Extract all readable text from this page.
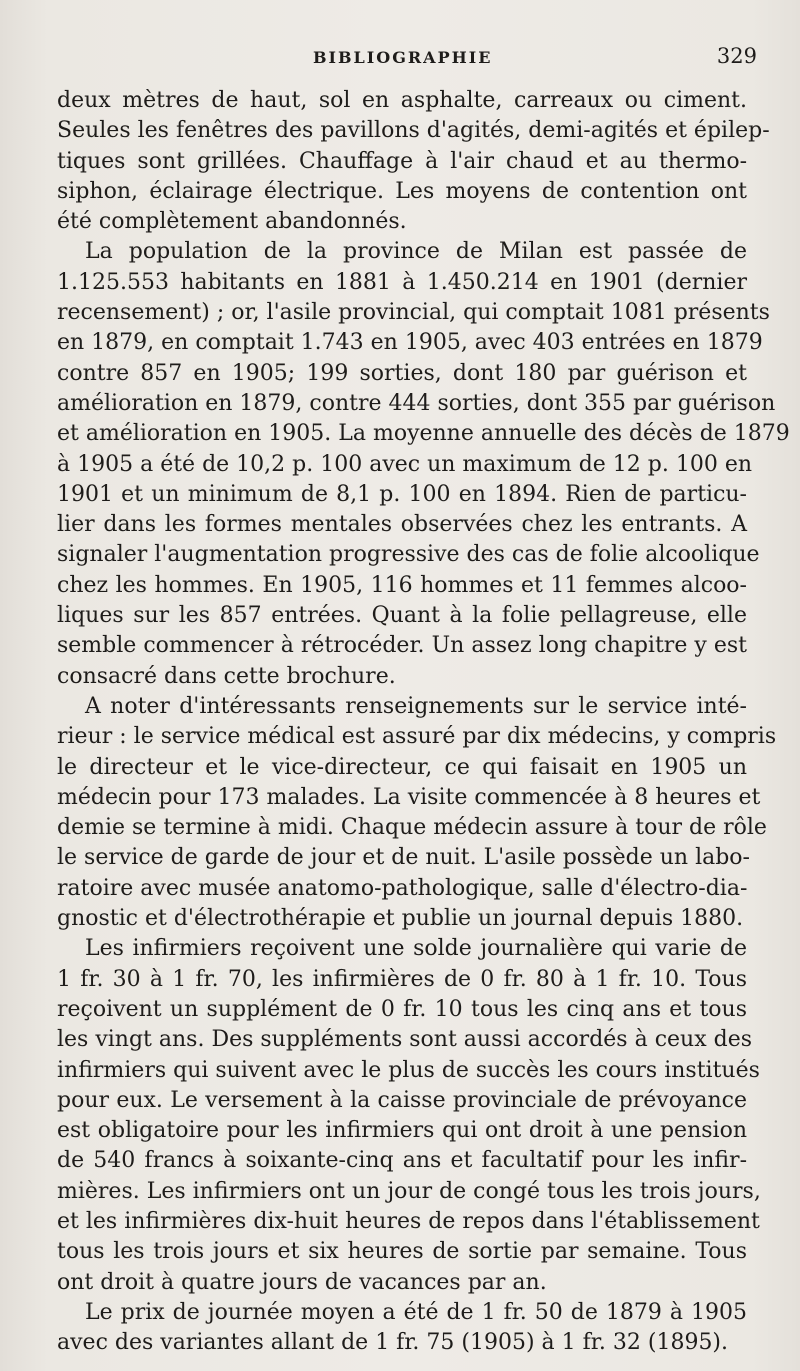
BIBLIOGRAPHIE	329
deux mètres de haut, sol en asphalte, carreaux ou ciment.
Seules les fenêtres des pavillons d'agités, demi-agités et épilep-
tiques sont grillées. Chauffage à l'air chaud et au thermo-
siphon, éclairage électrique. Les moyens de contention ont
été complètement abandonnés.
La population de la province de Milan est passée de
1.125.553 habitants en 1881 à 1.450.214 en 1901 (dernier
recensement) ; or, l'asile provincial, qui comptait 1081 présents
en 1879, en comptait 1.743 en 1905, avec 403 entrées en 1879
contre 857 en 1905; 199 sorties, dont 180 par guérison et
amélioration en 1879, contre 444 sorties, dont 355 par guérison
et amélioration en 1905. La moyenne annuelle des décès de 1879
à 1905 a été de 10,2 p. 100 avec un maximum de 12 p. 100 en
1901 et un minimum de 8,1 p. 100 en 1894. Rien de particu-
lier dans les formes mentales observées chez les entrants. A
signaler l'augmentation progressive des cas de folie alcoolique
chez les hommes. En 1905, 116 hommes et 11 femmes alcoo-
liques sur les 857 entrées. Quant à la folie pellagreuse, elle
semble commencer à rétrocéder. Un assez long chapitre y est
consacré dans cette brochure.
A noter d'intéressants renseignements sur le service inté-
rieur : le service médical est assuré par dix médecins, y compris
le directeur et le vice-directeur, ce qui faisait en 1905 un
médecin pour 173 malades. La visite commencée à 8 heures et
demie se termine à midi. Chaque médecin assure à tour de rôle
le service de garde de jour et de nuit. L'asile possède un labo-
ratoire avec musée anatomo-pathologique, salle d'électro-dia-
gnostic et d'électrothérapie et publie un journal depuis 1880.
Les infirmiers reçoivent une solde journalière qui varie de
1 fr. 30 à 1 fr. 70, les infirmières de 0 fr. 80 à 1 fr. 10. Tous
reçoivent un supplément de 0 fr. 10 tous les cinq ans et tous
les vingt ans. Des suppléments sont aussi accordés à ceux des
infirmiers qui suivent avec le plus de succès les cours institués
pour eux. Le versement à la caisse provinciale de prévoyance
est obligatoire pour les infirmiers qui ont droit à une pension
de 540 francs à soixante-cinq ans et facultatif pour les infir-
mières. Les infirmiers ont un jour de congé tous les trois jours,
et les infirmières dix-huit heures de repos dans l'établissement
tous les trois jours et six heures de sortie par semaine. Tous
ont droit à quatre jours de vacances par an.
Le prix de journée moyen a été de 1 fr. 50 de 1879 à 1905
avec des variantes allant de 1 fr. 75 (1905) à 1 fr. 32 (1895).
